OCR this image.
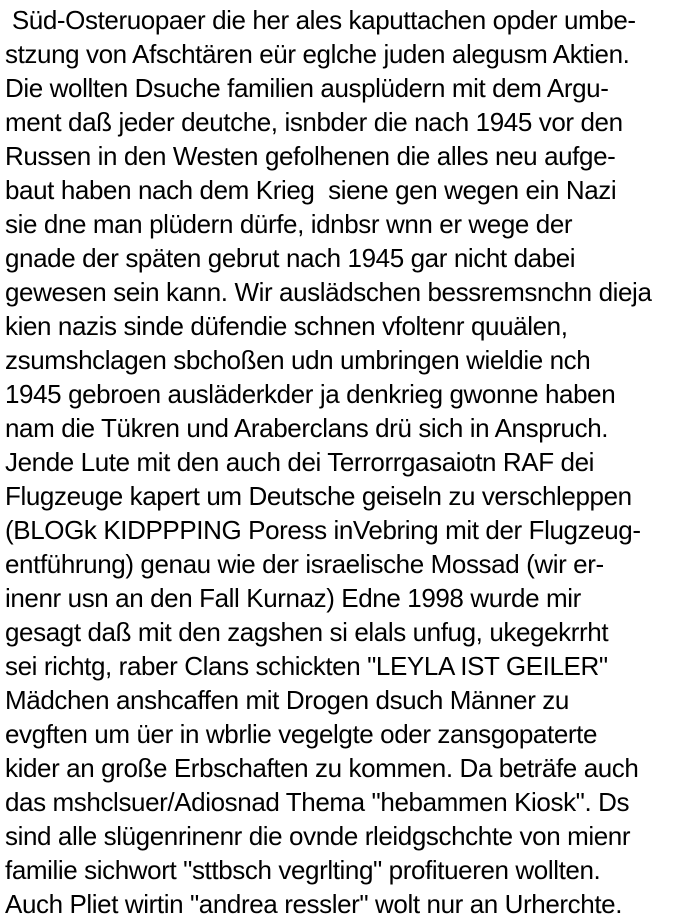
Süd-Osteruopaer die her ales kaputtachen opder umbe-
stzung von Afschtären eür eglche juden alegusm Aktien.
Die wollten Dsuche familien ausplüdern mit dem Argu-
ment daß jeder deutche, isnbder die nach 1945 vor den
Russen in den Westen gefolhenen die alles neu aufge-
baut haben nach dem Krieg  siene gen wegen ein Nazi
sie dne man plüdern dürfe, idnbsr wnn er wege der
gnade der späten gebrut nach 1945 gar nicht dabei
gewesen sein kann. Wir auslädschen bessremsnchn dieja
kien nazis sinde düfendie schnen vfoltenr quuälen,
zsumshclagen sbchoßen udn umbringen wieldie nch
1945 gebroen ausläderkder ja denkrieg gwonne haben
nam die Tükren und Araberclans drü sich in Anspruch.
Jende Lute mit den auch dei Terrorrgasaiotn RAF dei
Flugzeuge kapert um Deutsche geiseln zu verschleppen
(BLOGk KIDPPPING Poress inVebring mit der Flugzeug-
entführung) genau wie der israelische Mossad (wir er-
inenr usn an den Fall Kurnaz) Edne 1998 wurde mir
gesagt daß mit den zagshen si elals unfug, ukegekrrht
sei richtg, raber Clans schickten "LEYLA IST GEILER"
Mädchen anshcaffen mit Drogen dsuch Männer zu
evgften um üer in wbrlie vegelgte oder zansgopaterte
kider an große Erbschaften zu kommen. Da beträfe auch
das mshclsuer/Adiosnad Thema "hebammen Kiosk". Ds
sind alle slügenrinenr die ovnde rleidgschchte von mienr
familie sichwort "sttbsch vegrlting" profitueren wollten.
Auch Pliet wirtin "andrea ressler" wolt nur an Urherchte.
